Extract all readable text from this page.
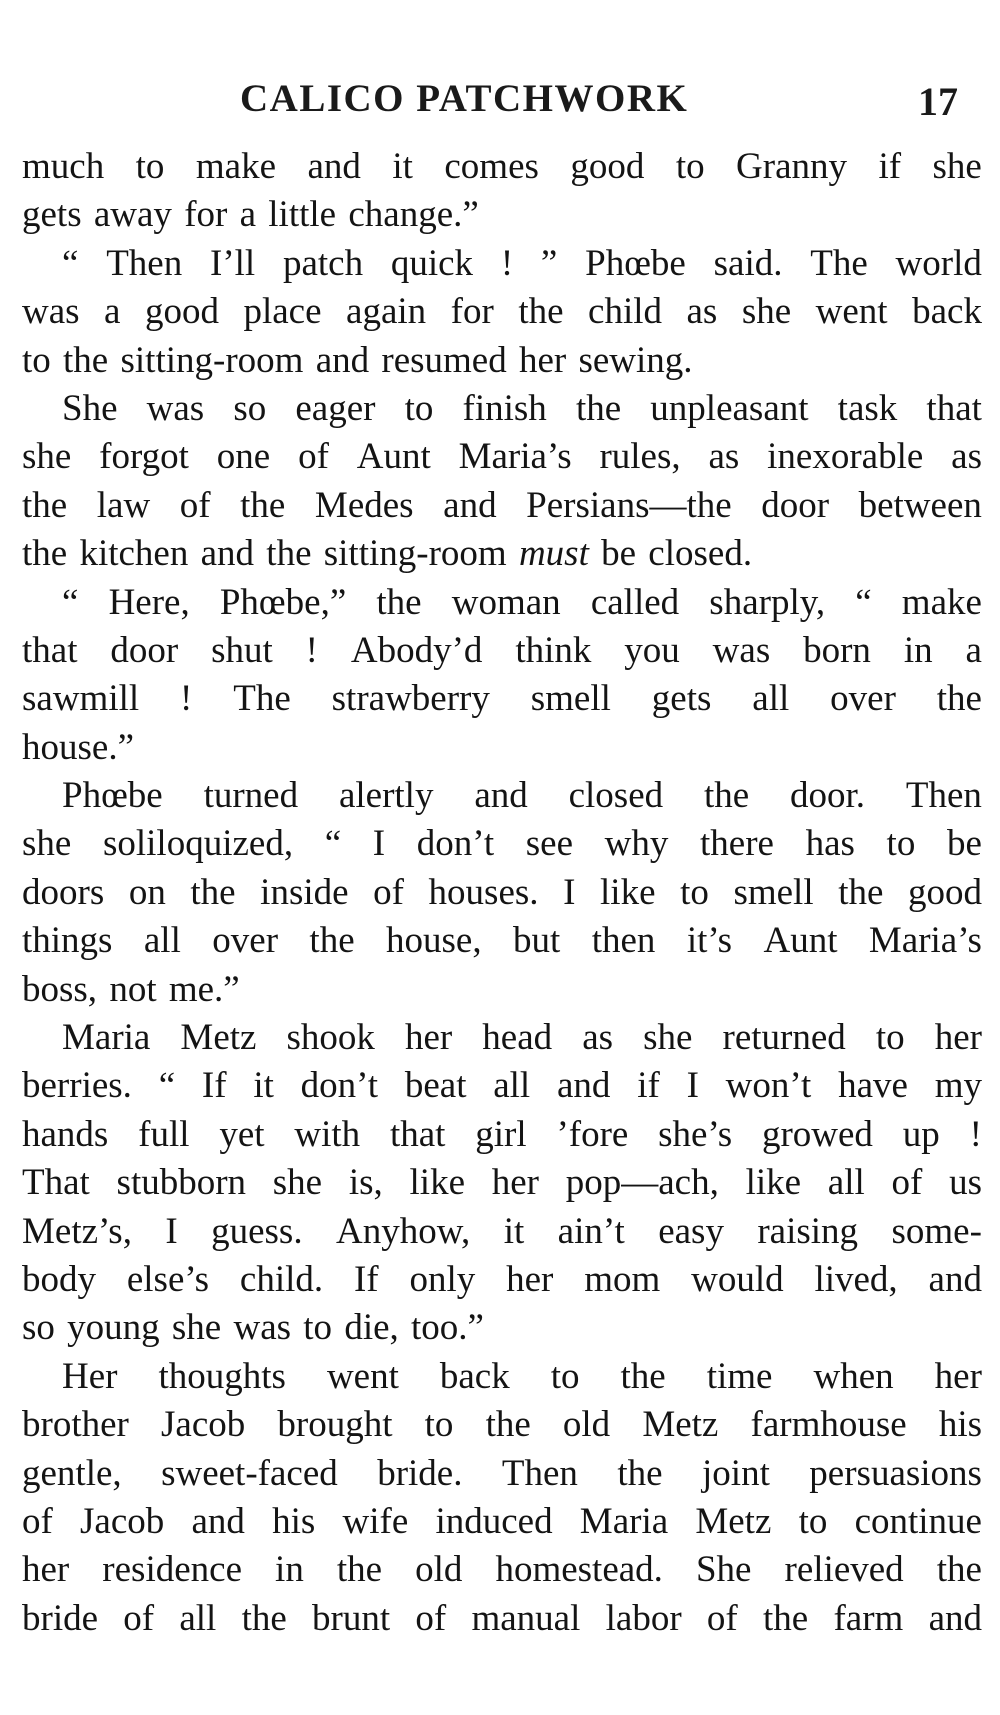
CALICO PATCHWORK	17
much to make and it comes good to Granny if she
gets away for a little change.”
“ Then I’ll patch quick ! ” Phœbe said. The world
was a good place again for the child as she went back
to the sitting-room and resumed her sewing.
She was so eager to finish the unpleasant task that
she forgot one of Aunt Maria’s rules, as inexorable as
the law of the Medes and Persians—the door between
the kitchen and the sitting-room must be closed.
“ Here, Phœbe,” the woman called sharply, “ make
that door shut ! Abody’d think you was born in a
sawmill ! The strawberry smell gets all over the
house.”
Phœbe turned alertly and closed the door. Then
she soliloquized, “ I don’t see why there has to be
doors on the inside of houses. I like to smell the good
things all over the house, but then it’s Aunt Maria’s
boss, not me.”
Maria Metz shook her head as she returned to her
berries. “ If it don’t beat all and if I won’t have my
hands full yet with that girl ’fore she’s growed up !
That stubborn she is, like her pop—ach, like all of us
Metz’s, I guess. Anyhow, it ain’t easy raising some-
body else’s child. If only her mom would lived, and
so young she was to die, too.”
Her thoughts went back to the time when her
brother Jacob brought to the old Metz farmhouse his
gentle, sweet-faced bride. Then the joint persuasions
of Jacob and his wife induced Maria Metz to continue
her residence in the old homestead. She relieved the
bride of all the brunt of manual labor of the farm and
